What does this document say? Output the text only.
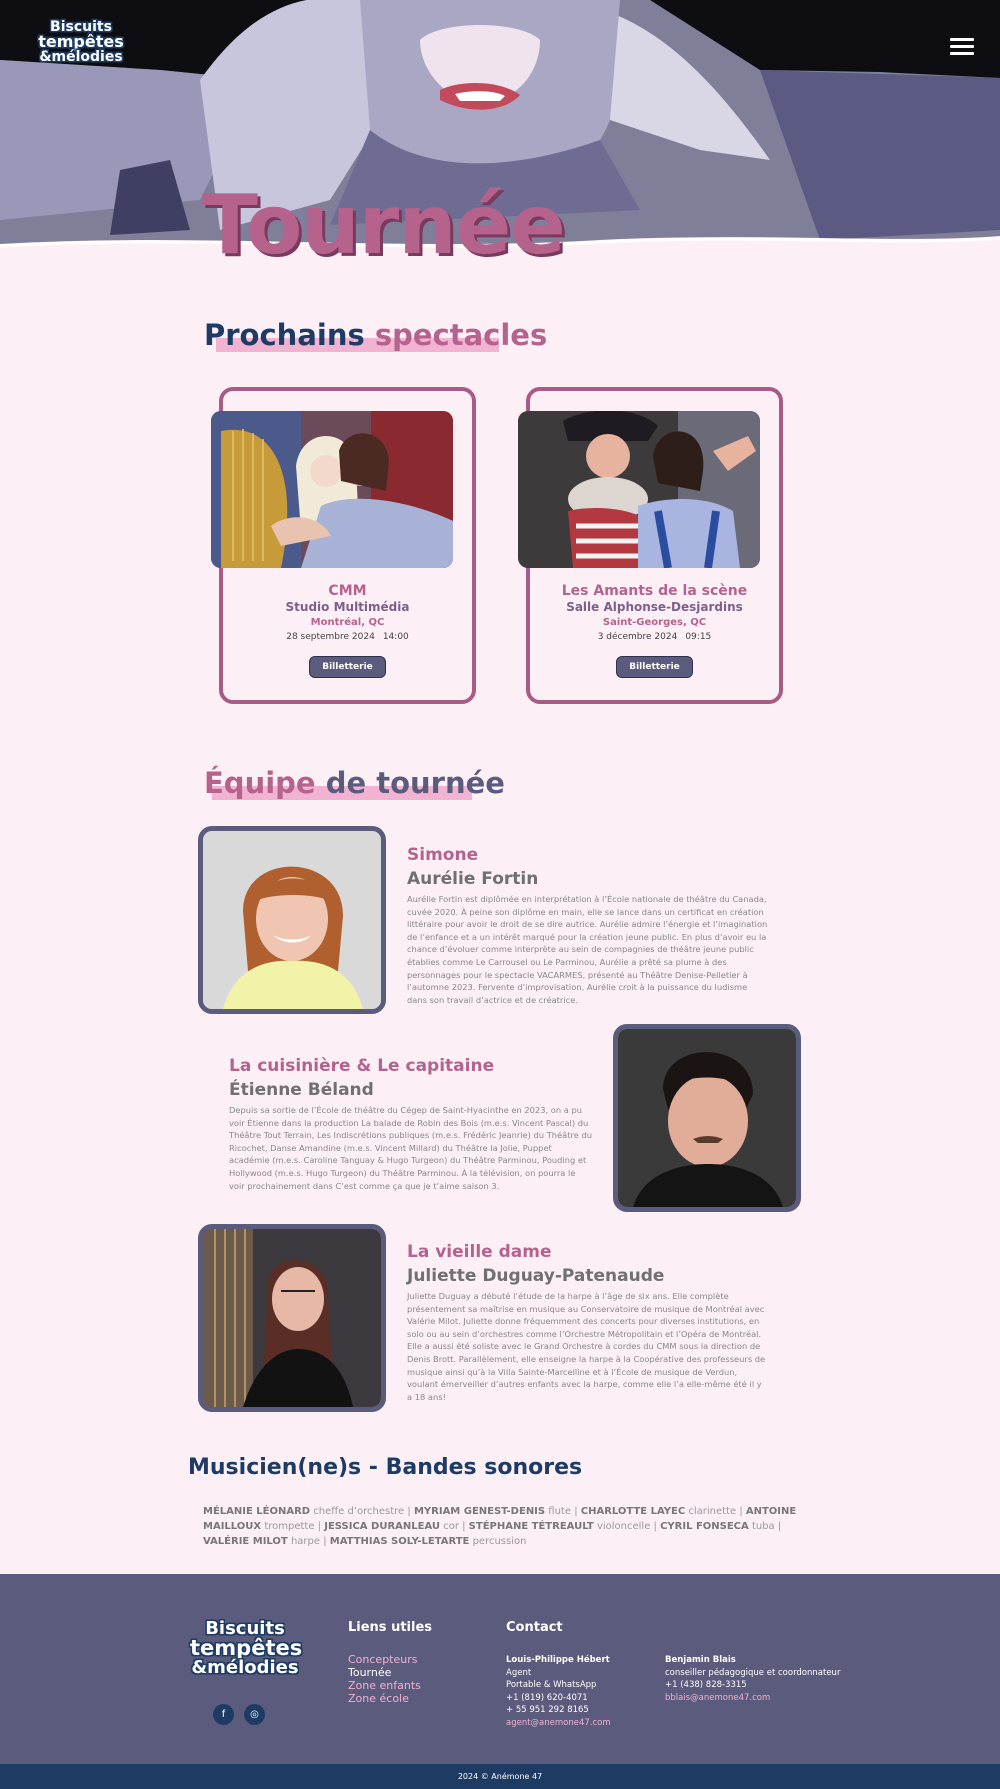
Biscuits
tempêtes
&mélodies
Tournée
Prochains spectacles
CMM
Studio Multimédia
Montréal, QC
28 septembre 2024 14:00
Billetterie
Les Amants de la scène
Salle Alphonse-Desjardins
Saint-Georges, QC
3 décembre 2024 09:15
Billetterie
Équipe de tournée
Simone
Aurélie Fortin
Aurélie Fortin est diplômée en interprétation à l’École nationale de théâtre du Canada, cuvée 2020. À peine son diplôme en main, elle se lance dans un certificat en création littéraire pour avoir le droit de se dire autrice. Aurélie admire l’énergie et l’imagination de l’enfance et a un intérêt marqué pour la création jeune public. En plus d’avoir eu la chance d’évoluer comme interprète au sein de compagnies de théâtre jeune public établies comme Le Carrousel ou Le Parminou, Aurélie a prêté sa plume à des personnages pour le spectacle VACARMES, présenté au Théâtre Denise-Pelletier à l’automne 2023. Fervente d’improvisation, Aurélie croit à la puissance du ludisme dans son travail d’actrice et de créatrice.
La cuisinière & Le capitaine
Étienne Béland
Depuis sa sortie de l’École de théâtre du Cégep de Saint-Hyacinthe en 2023, on a pu voir Étienne dans la production La balade de Robin des Bois (m.e.s. Vincent Pascal) du Théâtre Tout Terrain, Les Indiscrétions publiques (m.e.s. Frédéric Jeanrie) du Théâtre du Ricochet, Danse Amandine (m.e.s. Vincent Millard) du Théâtre la Jolie, Puppet académie (m.e.s. Caroline Tanguay & Hugo Turgeon) du Théâtre Parminou, Pouding et Hollywood (m.e.s. Hugo Turgeon) du Théâtre Parminou. À la télévision, on pourra le voir prochainement dans C’est comme ça que je t’aime saison 3.
La vieille dame
Juliette Duguay-Patenaude
Juliette Duguay a débuté l’étude de la harpe à l’âge de six ans. Elle complète présentement sa maîtrise en musique au Conservatoire de musique de Montréal avec Valérie Milot. Juliette donne fréquemment des concerts pour diverses institutions, en solo ou au sein d’orchestres comme l’Orchestre Métropolitain et l’Opéra de Montréal. Elle a aussi été soliste avec le Grand Orchestre à cordes du CMM sous la direction de Denis Brott. Parallèlement, elle enseigne la harpe à la Coopérative des professeurs de musique ainsi qu’à la Villa Sainte-Marcelline et à l’École de musique de Verdun, voulant émerveiller d’autres enfants avec la harpe, comme elle l’a elle-même été il y a 18 ans!
Musicien(ne)s - Bandes sonores
MÉLANIE LÉONARD cheffe d’orchestre | MYRIAM GENEST-DENIS flute | CHARLOTTE LAYEC clarinette | ANTOINE MAILLOUX trompette | JESSICA DURANLEAU cor | STÉPHANE TÉTREAULT violoncelle | CYRIL FONSECA tuba | VALÉRIE MILOT harpe | MATTHIAS SOLY-LETARTE percussion
Biscuits
tempêtes
&mélodies
f	◎
Liens utiles
Concepteurs
Tournée
Zone enfants
Zone école
Contact
Louis-Philippe Hébert
Agent
Portable & WhatsApp
+1 (819) 620-4071
+ 55 951 292 8165
agent@anemone47.com
Benjamin Blais
conseiller pédagogique et coordonnateur
+1 (438) 828-3315
bblais@anemone47.com
2024 © Anémone 47
